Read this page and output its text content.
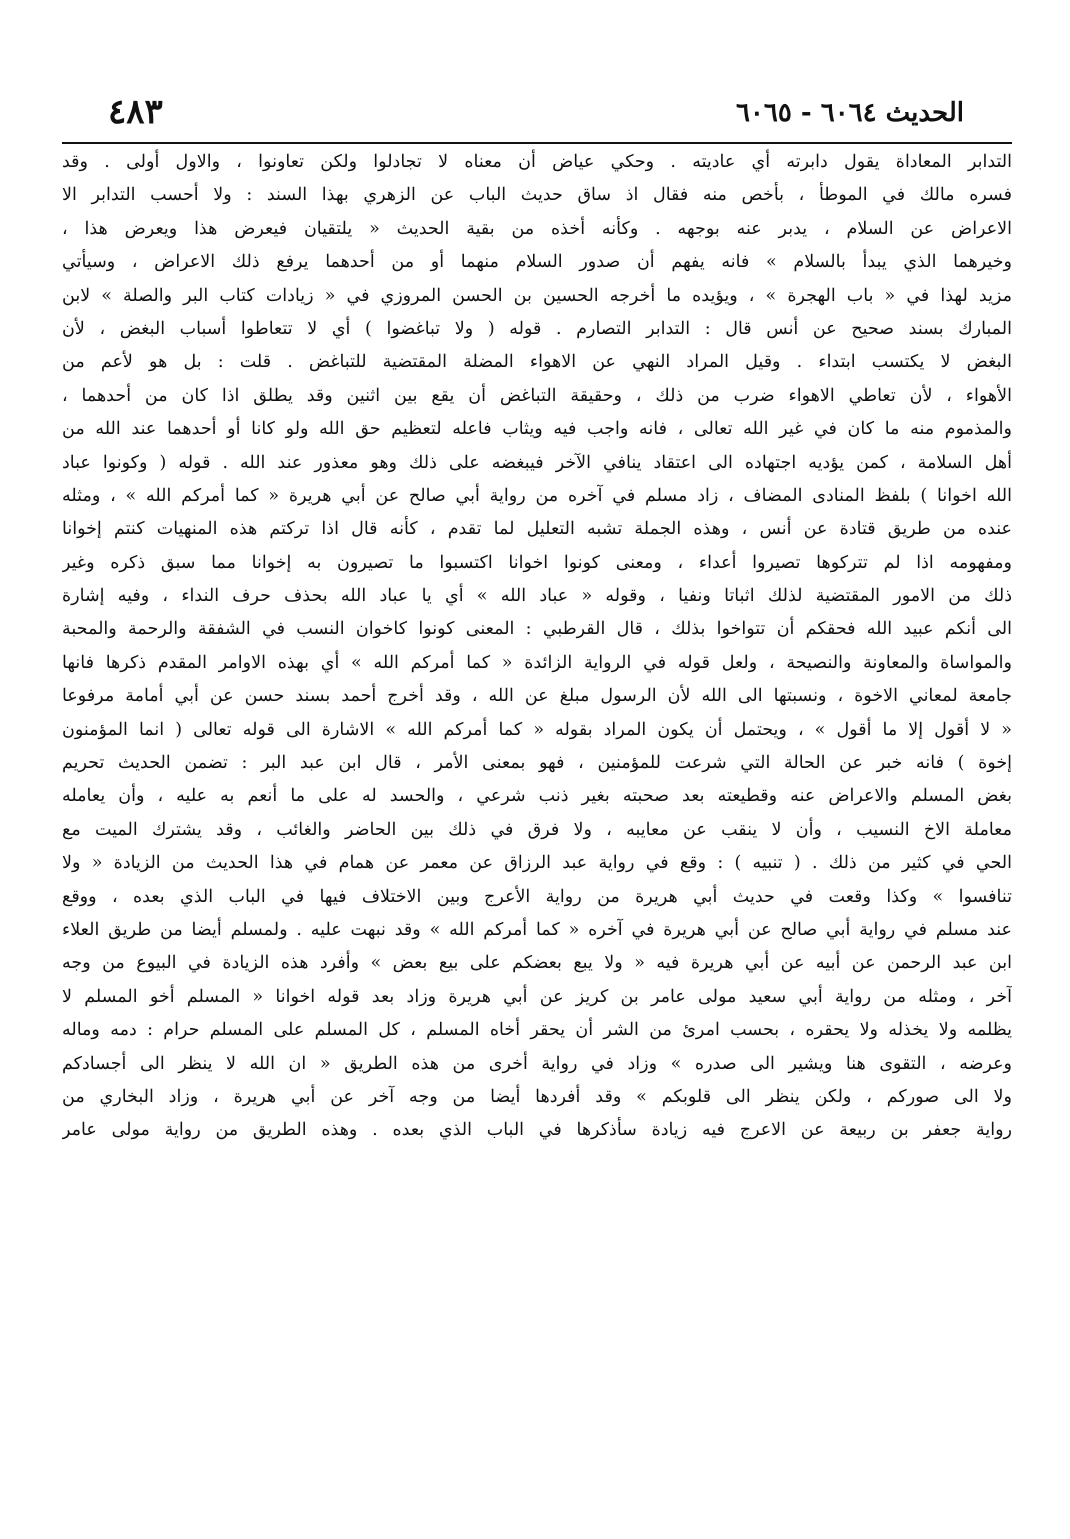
الحديث ٦٠٦٤ - ٦٠٦٥
٤٨٣
التدابر المعاداة يقول دابرته أي عاديته . وحكي عياض أن معناه لا تجادلوا ولكن تعاونوا ، والاول أولى . وقد
فسره مالك في الموطأ ، بأخص منه فقال اذ ساق حديث الباب عن الزهري بهذا السند : ولا أحسب التدابر الا
الاعراض عن السلام ، يدبر عنه بوجهه . وكأنه أخذه من بقية الحديث « يلتقيان فيعرض هذا ويعرض هذا ،
وخيرهما الذي يبدأ بالسلام » فانه يفهم أن صدور السلام منهما أو من أحدهما يرفع ذلك الاعراض ، وسيأتي
مزيد لهذا في « باب الهجرة » ، ويؤيده ما أخرجه الحسين بن الحسن المروزي في « زيادات كتاب البر والصلة » لابن
المبارك بسند صحيح عن أنس قال : التدابر التصارم . قوله ( ولا تباغضوا ) أي لا تتعاطوا أسباب البغض ، لأن
البغض لا يكتسب ابتداء . وقيل المراد النهي عن الاهواء المضلة المقتضية للتباغض . قلت : بل هو لأعم من
الأهواء ، لأن تعاطي الاهواء ضرب من ذلك ، وحقيقة التباغض أن يقع بين اثنين وقد يطلق اذا كان من أحدهما ،
والمذموم منه ما كان في غير الله تعالى ، فانه واجب فيه ويثاب فاعله لتعظيم حق الله ولو كانا أو أحدهما عند الله من
أهل السلامة ، كمن يؤديه اجتهاده الى اعتقاد ينافي الآخر فيبغضه على ذلك وهو معذور عند الله . قوله ( وكونوا عباد
الله اخوانا ) بلفظ المنادى المضاف ، زاد مسلم في آخره من رواية أبي صالح عن أبي هريرة « كما أمركم الله » ، ومثله
عنده من طريق قتادة عن أنس ، وهذه الجملة تشبه التعليل لما تقدم ، كأنه قال اذا تركتم هذه المنهيات كنتم إخوانا
ومفهومه اذا لم تتركوها تصيروا أعداء ، ومعنى كونوا اخوانا اكتسبوا ما تصيرون به إخوانا مما سبق ذكره وغير
ذلك من الامور المقتضية لذلك اثباتا ونفيا ، وقوله « عباد الله » أي يا عباد الله بحذف حرف النداء ، وفيه إشارة
الى أنكم عبيد الله فحقكم أن تتواخوا بذلك ، قال القرطبي : المعنى كونوا كاخوان النسب في الشفقة والرحمة والمحبة
والمواساة والمعاونة والنصيحة ، ولعل قوله في الرواية الزائدة « كما أمركم الله » أي بهذه الاوامر المقدم ذكرها فانها
جامعة لمعاني الاخوة ، ونسبتها الى الله لأن الرسول مبلغ عن الله ، وقد أخرج أحمد بسند حسن عن أبي أمامة مرفوعا
« لا أقول إلا ما أقول » ، ويحتمل أن يكون المراد بقوله « كما أمركم الله » الاشارة الى قوله تعالى ( انما المؤمنون
إخوة ) فانه خبر عن الحالة التي شرعت للمؤمنين ، فهو بمعنى الأمر ، قال ابن عبد البر : تضمن الحديث تحريم
بغض المسلم والاعراض عنه وقطيعته بعد صحبته بغير ذنب شرعي ، والحسد له على ما أنعم به عليه ، وأن يعامله
معاملة الاخ النسيب ، وأن لا ينقب عن معايبه ، ولا فرق في ذلك بين الحاضر والغائب ، وقد يشترك الميت مع
الحي في كثير من ذلك . ( تنبيه ) : وقع في رواية عبد الرزاق عن معمر عن همام في هذا الحديث من الزيادة « ولا
تنافسوا » وكذا وقعت في حديث أبي هريرة من رواية الأعرج وبين الاختلاف فيها في الباب الذي بعده ، ووقع
عند مسلم في رواية أبي صالح عن أبي هريرة في آخره « كما أمركم الله » وقد نبهت عليه . ولمسلم أيضا من طريق العلاء
ابن عبد الرحمن عن أبيه عن أبي هريرة فيه « ولا يبع بعضكم على بيع بعض » وأفرد هذه الزيادة في البيوع من وجه
آخر ، ومثله من رواية أبي سعيد مولى عامر بن كريز عن أبي هريرة وزاد بعد قوله اخوانا « المسلم أخو المسلم لا
يظلمه ولا يخذله ولا يحقره ، بحسب امرئ من الشر أن يحقر أخاه المسلم ، كل المسلم على المسلم حرام : دمه وماله
وعرضه ، التقوى هنا ويشير الى صدره » وزاد في رواية أخرى من هذه الطريق « ان الله لا ينظر الى أجسادكم
ولا الى صوركم ، ولكن ينظر الى قلوبكم » وقد أفردها أيضا من وجه آخر عن أبي هريرة ، وزاد البخاري من
رواية جعفر بن ربيعة عن الاعرج فيه زيادة سأذكرها في الباب الذي بعده . وهذه الطريق من رواية مولى عامر
